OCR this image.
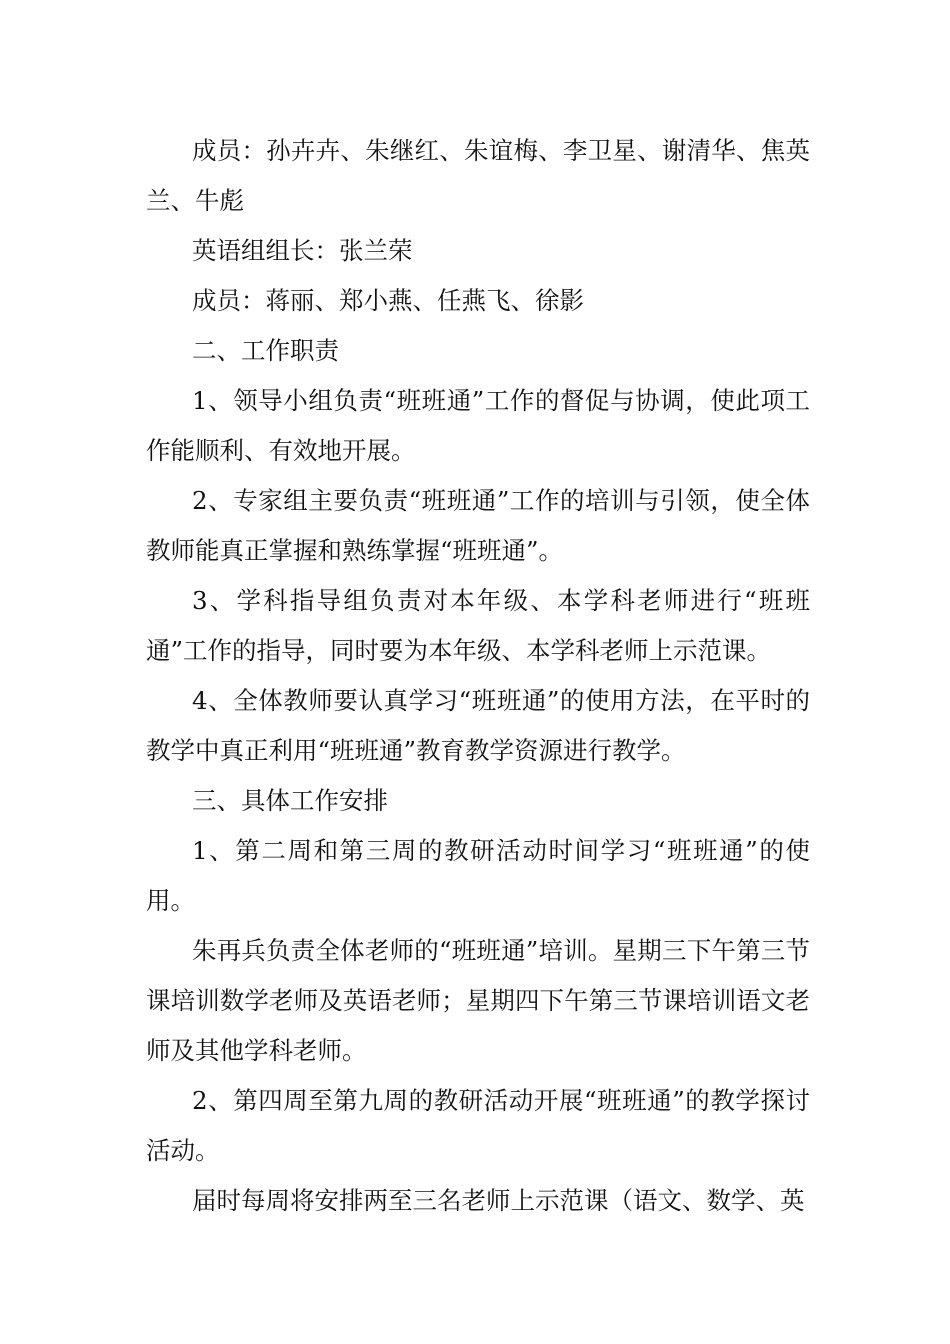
成员：孙卉卉、朱继红、朱谊梅、李卫星、谢清华、焦英兰、牛彪

英语组组长：张兰荣

成员：蒋丽、郑小燕、任燕飞、徐影

二、工作职责

1、领导小组负责“班班通”工作的督促与协调，使此项工作能顺利、有效地开展。

2、专家组主要负责“班班通”工作的培训与引领，使全体教师能真正掌握和熟练掌握“班班通”。

3、学科指导组负责对本年级、本学科老师进行“班班通”工作的指导，同时要为本年级、本学科老师上示范课。

4、全体教师要认真学习“班班通”的使用方法，在平时的教学中真正利用“班班通”教育教学资源进行教学。

三、具体工作安排

1、第二周和第三周的教研活动时间学习“班班通”的使用。

朱再兵负责全体老师的“班班通”培训。星期三下午第三节课培训数学老师及英语老师；星期四下午第三节课培训语文老师及其他学科老师。

2、第四周至第九周的教研活动开展“班班通”的教学探讨活动。

届时每周将安排两至三名老师上示范课（语文、数学、英
